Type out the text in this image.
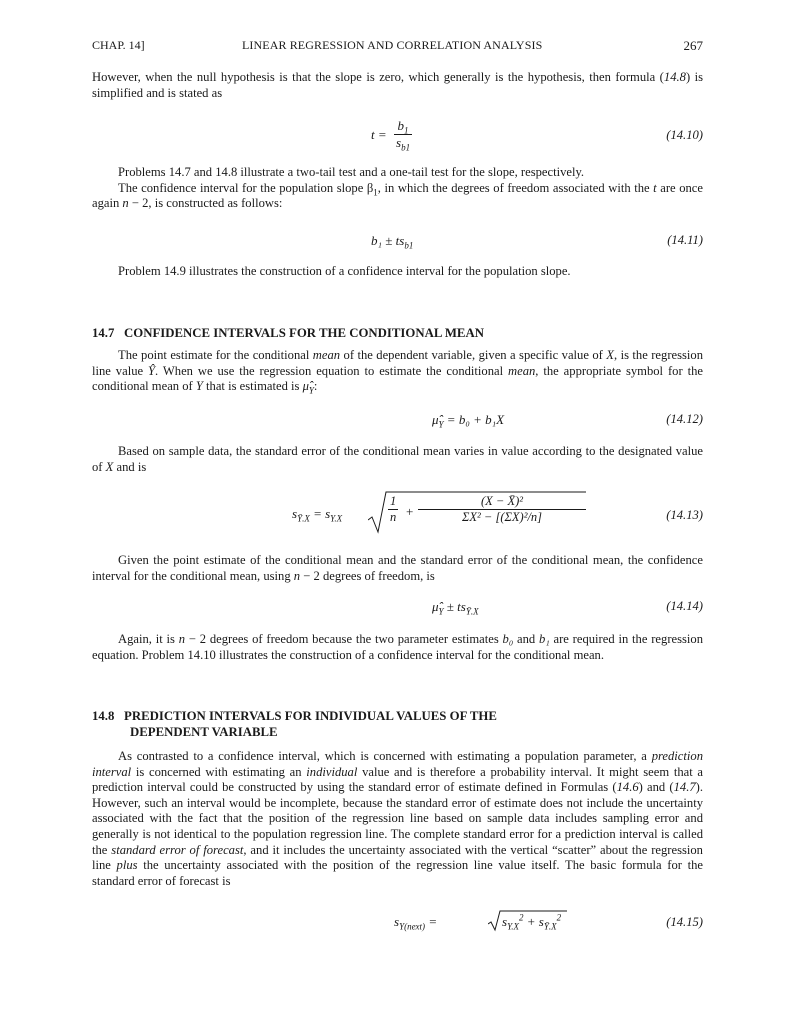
CHAP. 14]	LINEAR REGRESSION AND CORRELATION ANALYSIS	267

However, when the null hypothesis is that the slope is zero, which generally is the hypothesis, then formula (14.8) is simplified and is stated as

$t = \frac{b_1}{s_{b1}}$	(14.10)

Problems 14.7 and 14.8 illustrate a two-tail test and a one-tail test for the slope, respectively.

The confidence interval for the population slope $\beta_1$, in which the degrees of freedom associated with the t are once again n − 2, is constructed as follows:

$b_1 \pm ts_{b1}$	(14.11)

Problem 14.9 illustrates the construction of a confidence interval for the population slope.

14.7 CONFIDENCE INTERVALS FOR THE CONDITIONAL MEAN

The point estimate for the conditional mean of the dependent variable, given a specific value of X, is the regression line value Ŷ. When we use the regression equation to estimate the conditional mean, the appropriate symbol for the conditional mean of Y that is estimated is $\mû_Y$:

$\mû_Y = b_0 + b_1X$	(14.12)

Based on sample data, the standard error of the conditional mean varies in value according to the designated value of X and is

$s_{Ȳ.X} = s_{Y.X}$	$\frac{1}{n} + \frac{\text{(X − X̄)²}}{\text{ΣX² − [(ΣX)²/n]}}$	(14.13)

Given the point estimate of the conditional mean and the standard error of the conditional mean, the confidence interval for the conditional mean, using n − 2 degrees of freedom, is

$\mû_Y \pm ts_{Ȳ.X}$	(14.14)

Again, it is n − 2 degrees of freedom because the two parameter estimates b₀ and b₁ are required in the regression equation. Problem 14.10 illustrates the construction of a confidence interval for the conditional mean.

14.8 PREDICTION INTERVALS FOR INDIVIDUAL VALUES OF THE
DEPENDENT VARIABLE

As contrasted to a confidence interval, which is concerned with estimating a population parameter, a prediction interval is concerned with estimating an individual value and is therefore a probability interval. It might seem that a prediction interval could be constructed by using the standard error of estimate defined in Formulas (14.6) and (14.7). However, such an interval would be incomplete, because the standard error of estimate does not include the uncertainty associated with the fact that the position of the regression line based on sample data includes sampling error and generally is not identical to the population regression line. The complete standard error for a prediction interval is called the standard error of forecast, and it includes the uncertainty associated with the vertical “scatter” about the regression line plus the uncertainty associated with the position of the regression line value itself. The basic formula for the standard error of forecast is

$s_{Y(next)}$ =	$s_{Y.X}^2 + s_{Ȳ.X}^2$	(14.15)
